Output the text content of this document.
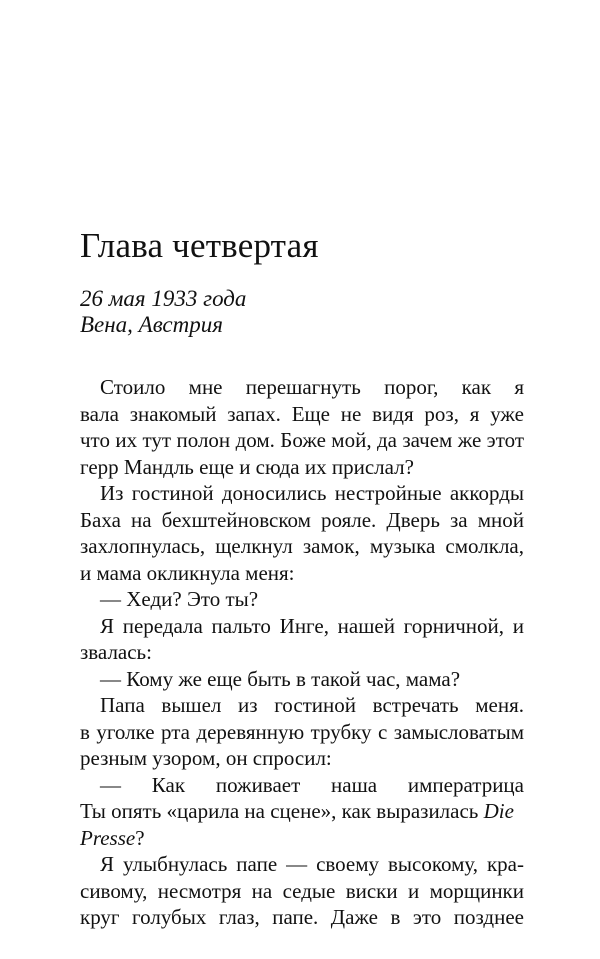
Глава четвертая
26 мая 1933 года
Вена, Австрия
Стоило мне перешагнуть порог, как я
вала знакомый запах. Еще не видя роз, я уже
что их тут полон дом. Боже мой, да зачем же этот
герр Мандль еще и сюда их прислал?
Из гостиной доносились нестройные аккорды
Баха на бехштейновском рояле. Дверь за мной
захлопнулась, щелкнул замок, музыка смолкла,
и мама окликнула меня:
— Хеди? Это ты?
Я передала пальто Инге, нашей горничной, и
звалась:
— Кому же еще быть в такой час, мама?
Папа вышел из гостиной встречать меня.
в уголке рта деревянную трубку с замысловатым
резным узором, он спросил:
— Как поживает наша императрица
Ты опять «царила на сцене», как выразилась Die
Presse?
Я улыбнулась папе — своему высокому, кра-
сивому, несмотря на седые виски и морщинки
круг голубых глаз, папе. Даже в это позднее
